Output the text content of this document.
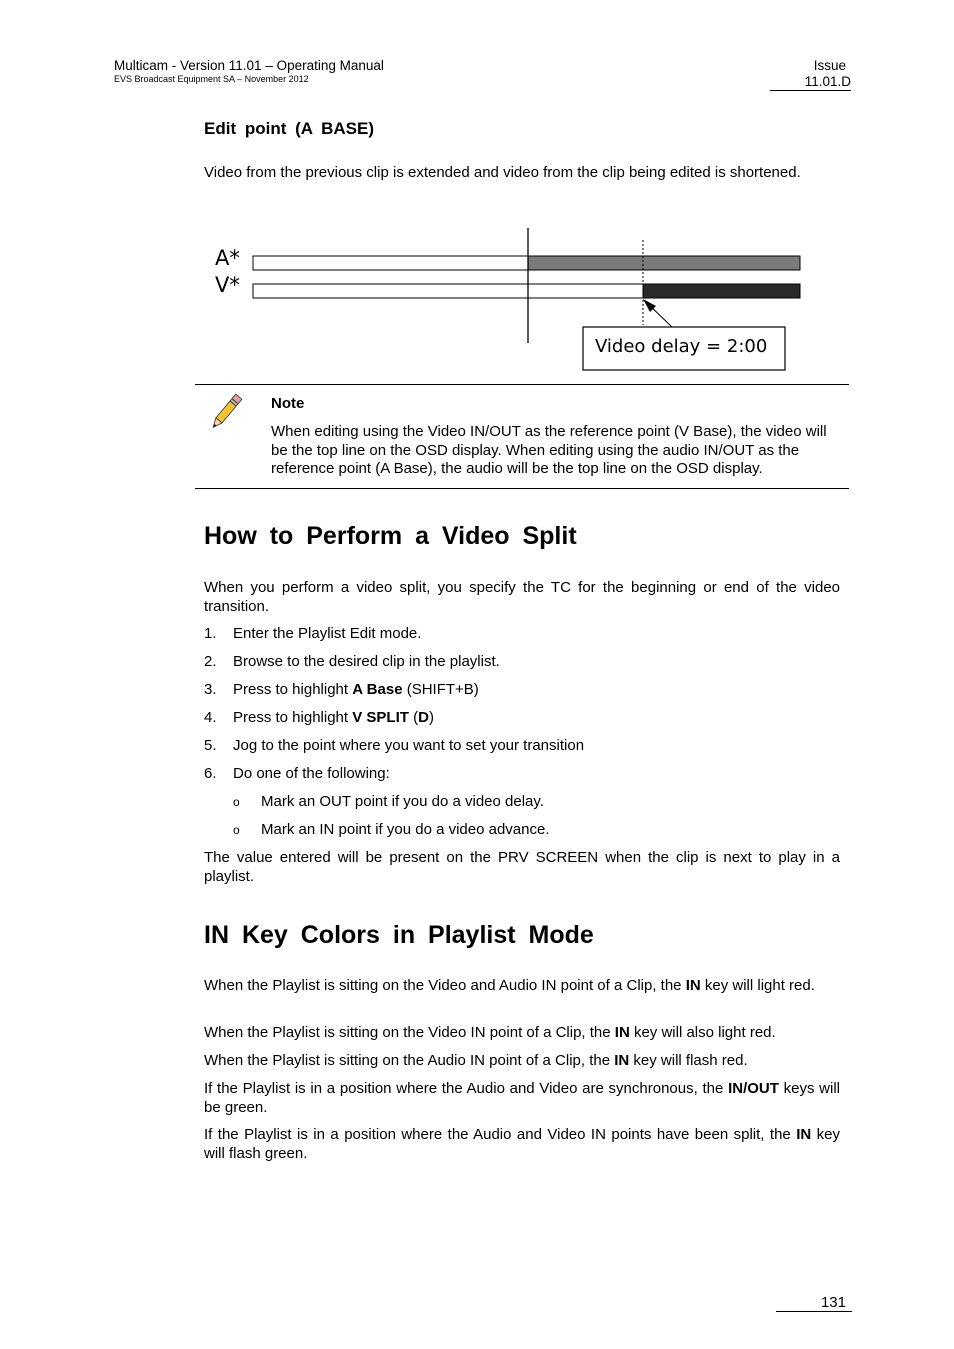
Multicam - Version 11.01 – Operating Manual
EVS Broadcast Equipment SA – November 2012
Issue
11.01.D
Edit point (A BASE)
Video from the previous clip is extended and video from the clip being edited is shortened.
A*
V*
Video delay = 2:00
Note
When editing using the Video IN/OUT as the reference point (V Base), the video will be the top line on the OSD display. When editing using the audio IN/OUT as the reference point (A Base), the audio will be the top line on the OSD display.
How to Perform a Video Split
When you perform a video split, you specify the TC for the beginning or end of the video transition.
1. Enter the Playlist Edit mode.
2. Browse to the desired clip in the playlist.
3. Press to highlight A Base (SHIFT+B)
4. Press to highlight V SPLIT (D)
5. Jog to the point where you want to set your transition
6. Do one of the following:
o Mark an OUT point if you do a video delay.
o Mark an IN point if you do a video advance.
The value entered will be present on the PRV SCREEN when the clip is next to play in a playlist.
IN Key Colors in Playlist Mode
When the Playlist is sitting on the Video and Audio IN point of a Clip, the IN key will light red.
When the Playlist is sitting on the Video IN point of a Clip, the IN key will also light red.
When the Playlist is sitting on the Audio IN point of a Clip, the IN key will flash red.
If the Playlist is in a position where the Audio and Video are synchronous, the IN/OUT keys will be green.
If the Playlist is in a position where the Audio and Video IN points have been split, the IN key will flash green.
131
